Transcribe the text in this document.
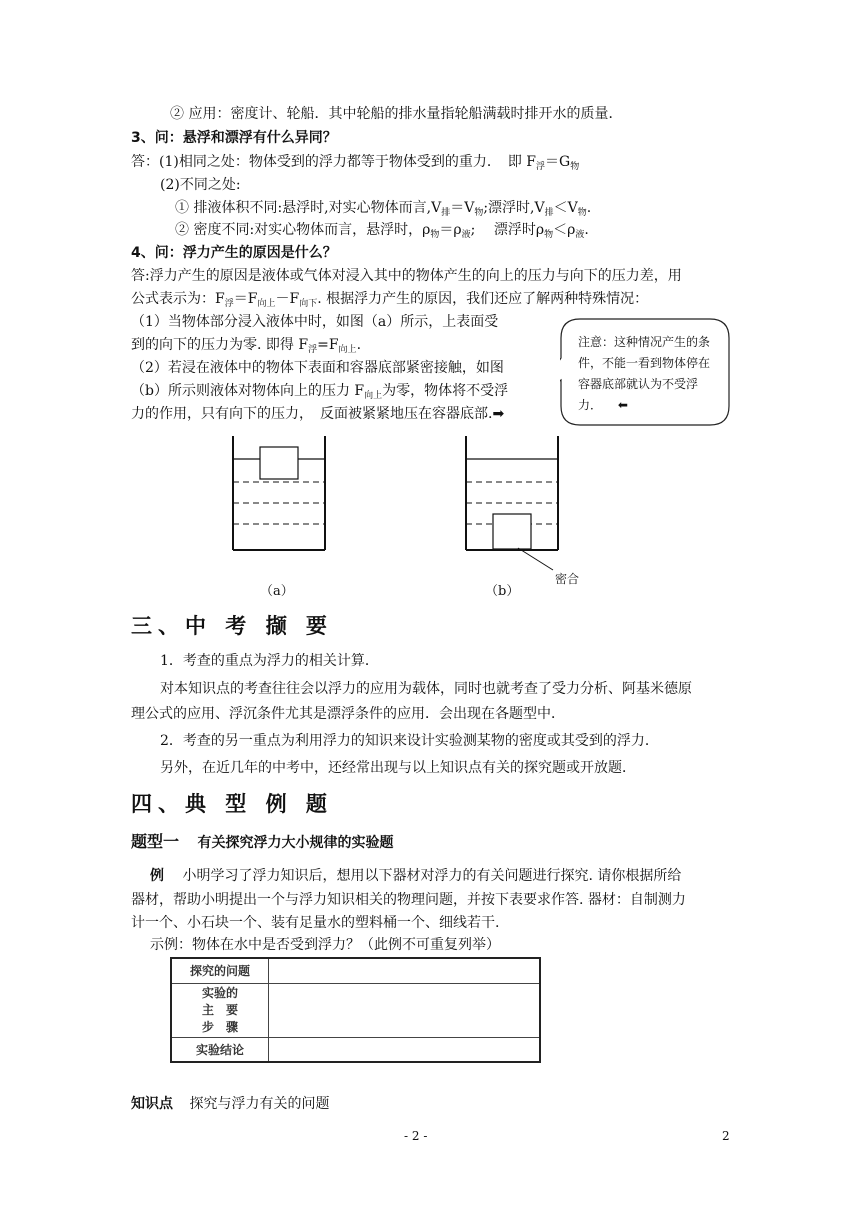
② 应用：密度计、轮船．其中轮船的排水量指轮船满载时排开水的质量．
3、问：悬浮和漂浮有什么异同？
答：(1)相同之处：物体受到的浮力都等于物体受到的重力．　即 $F_浮=G_物$
(2)不同之处:
① 排液体积不同:悬浮时,对实心物体而言$,V_排=V_物$;漂浮时$,V_排<V_物$.
② 密度不同:对实心物体而言，悬浮时，$\rho_物=\rho_液$;　 漂浮时$\rho_物<\rho_液$.
4、问：浮力产生的原因是什么？
答:浮力产生的原因是液体或气体对浸入其中的物体产生的向上的压力与向下的压力差，用
公式表示为：$F_浮=F_{向上}-F_{向下}$. 根据浮力产生的原因，我们还应了解两种特殊情况：
（1）当物体部分浸入液体中时，如图（a）所示，上表面受
到的向下的压力为零. 即得 $F_浮=F_{向上}$.
（2）若浸在液体中的物体下表面和容器底部紧密接触，如图
（b）所示则液体对物体向上的压力 $F_{向上}$为零，物体将不受浮
力的作用，只有向下的压力，　反面被紧紧地压在容器底部.➡
注意：这种情况产生的条件，不能一看到物体停在容器底部就认为不受浮力． ⬅
（a）	（b）
密合
三、中 考 撷 要
1．考查的重点为浮力的相关计算．
对本知识点的考查往往会以浮力的应用为载体，同时也就考查了受力分析、阿基米德原
理公式的应用、浮沉条件尤其是漂浮条件的应用．会出现在各题型中．
2．考查的另一重点为利用浮力的知识来设计实验测某物的密度或其受到的浮力．
另外，在近几年的中考中，还经常出现与以上知识点有关的探究题或开放题．
四、典 型 例 题
题型一 有关探究浮力大小规律的实验题
例 小明学习了浮力知识后，想用以下器材对浮力的有关问题进行探究. 请你根据所给
器材，帮助小明提出一个与浮力知识相关的物理问题，并按下表要求作答. 器材：自制测力
计一个、小石块一个、装有足量水的塑料桶一个、细线若干.
示例：物体在水中是否受到浮力？（此例不可重复列举）
探究的问题	

实验的
主　要
步　骤	

实验结论	
知识点 探究与浮力有关的问题
- 2 -	2
